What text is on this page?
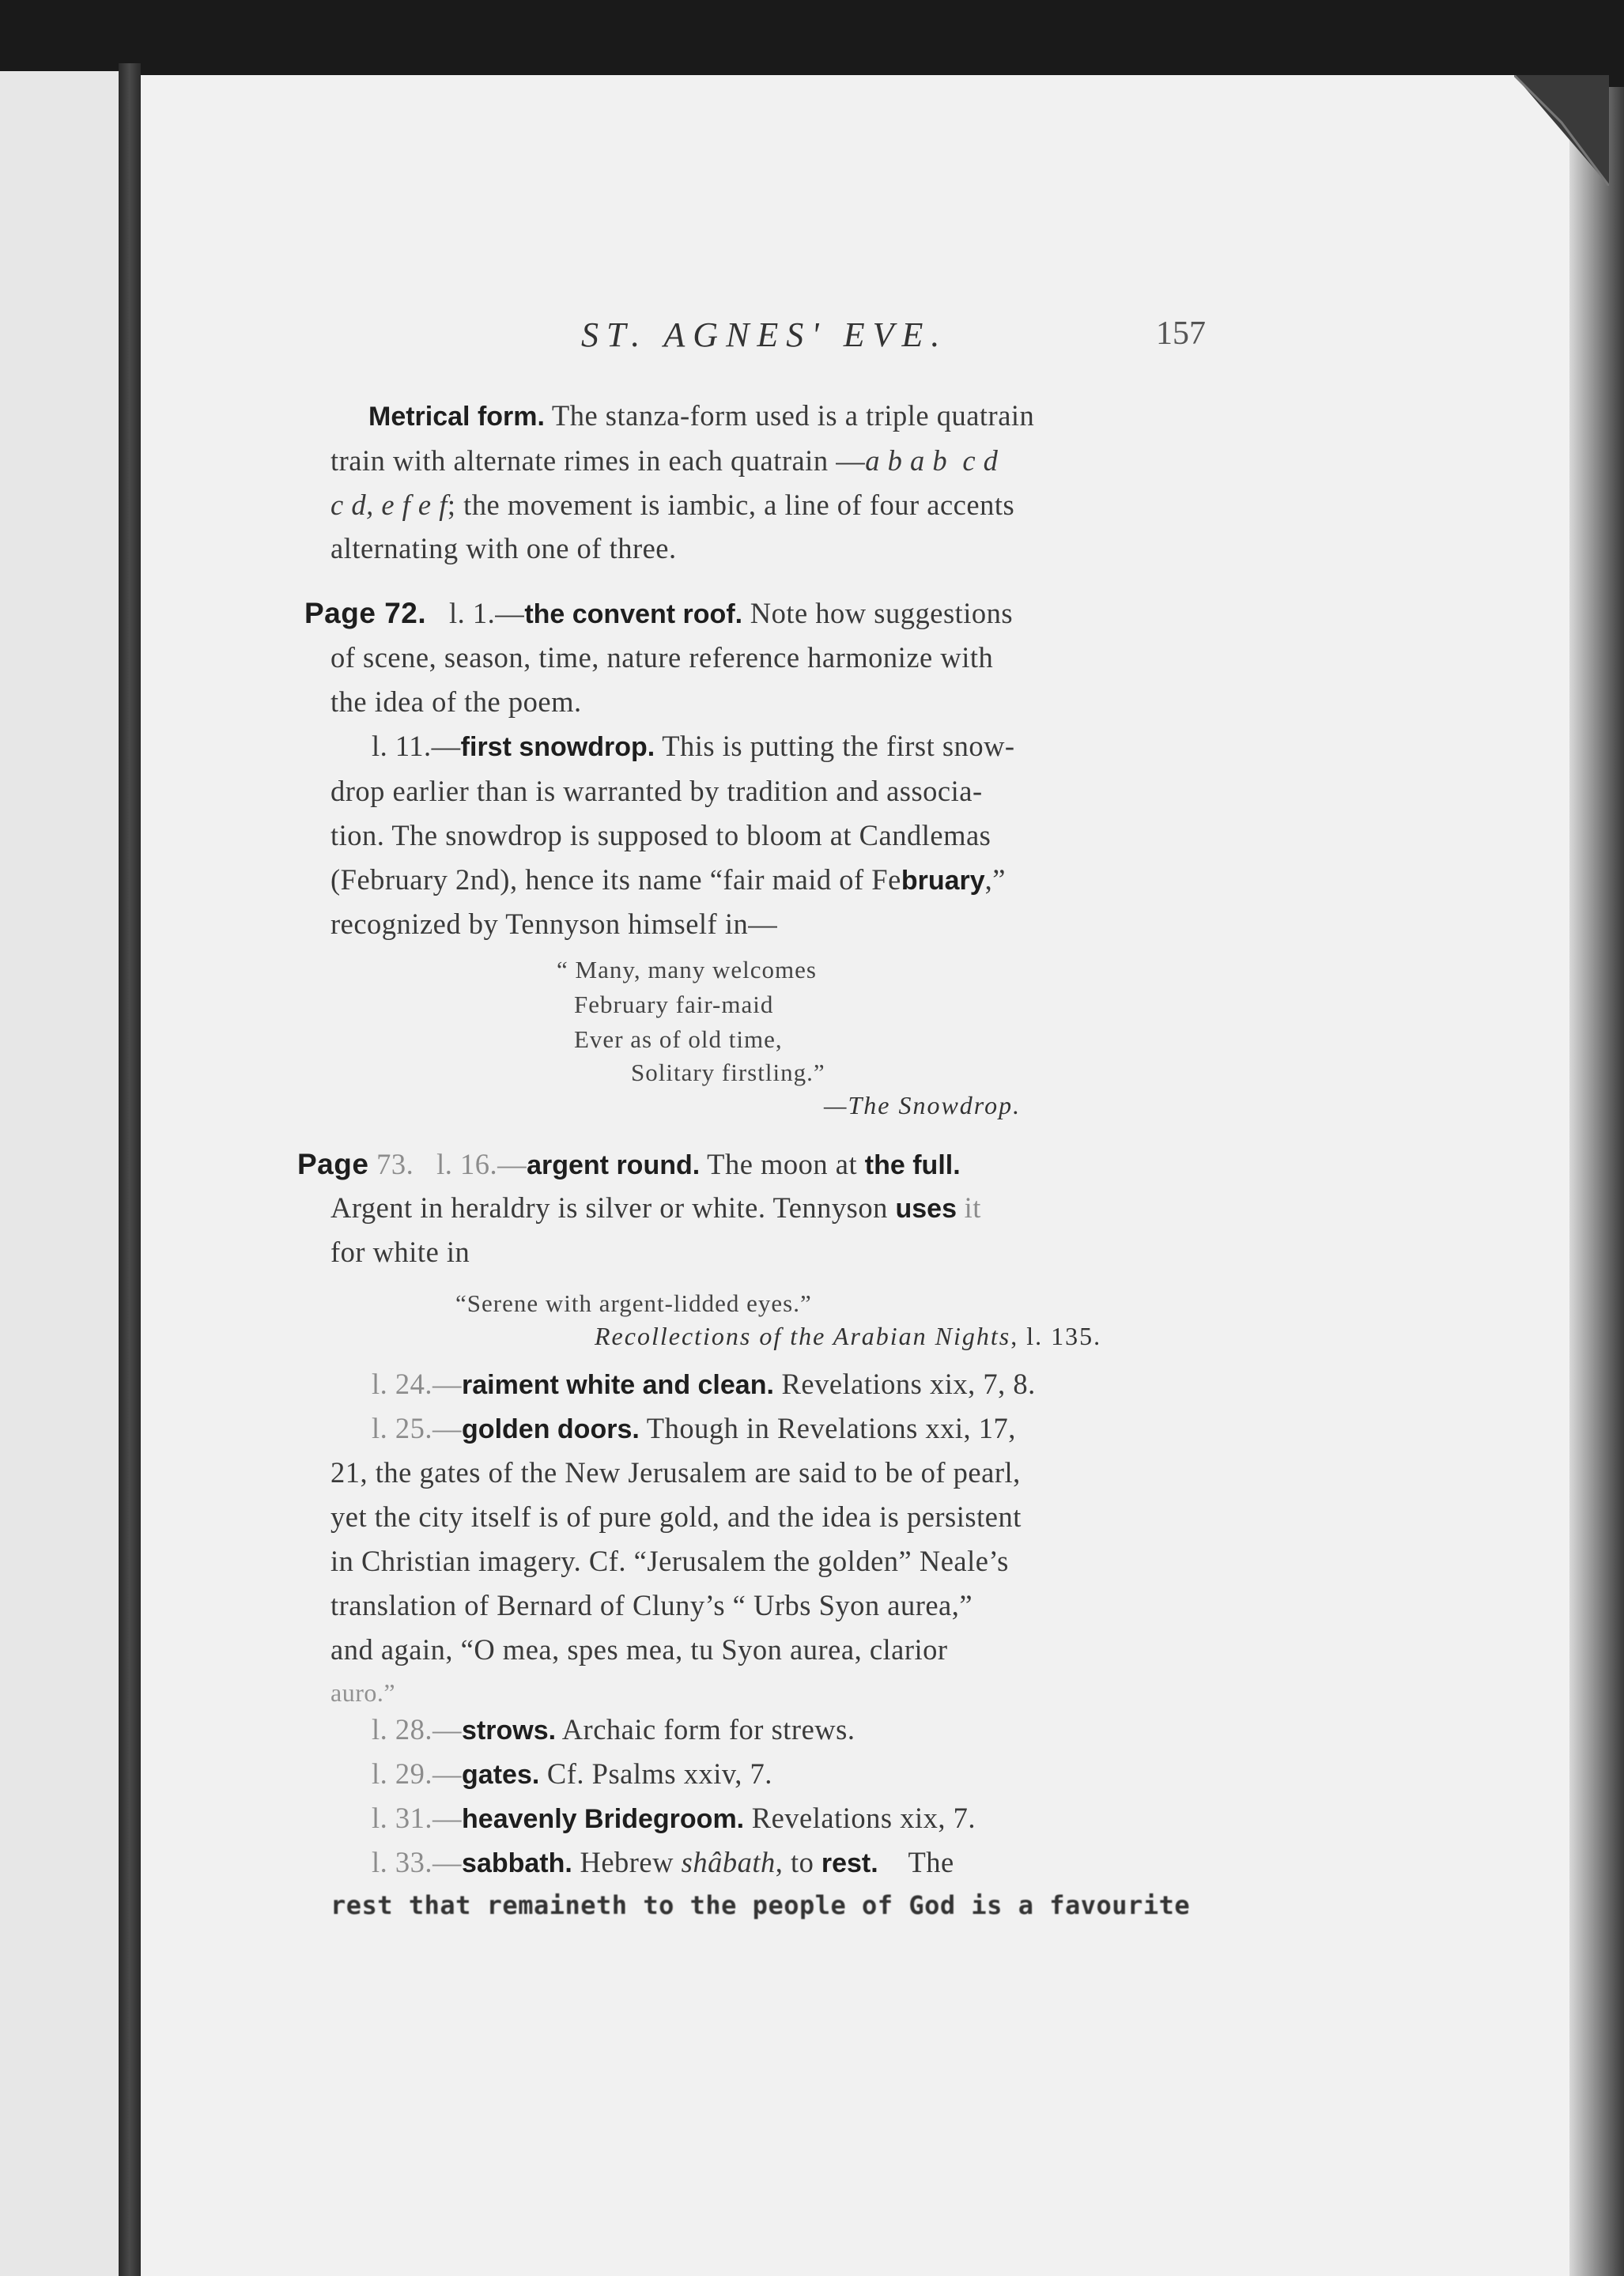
ST. AGNES' EVE.	157
Metrical form. The stanza-form used is a triple quatrain
train with alternate rimes in each quatrain —a b a b c d
c d, e f e f; the movement is iambic, a line of four accents
alternating with one of three.
Page 72. l. 1.—the convent roof. Note how suggestions
of scene, season, time, nature reference harmonize with
the idea of the poem.
l. 11.—first snowdrop. This is putting the first snow-
drop earlier than is warranted by tradition and associa-
tion. The snowdrop is supposed to bloom at Candlemas
(February 2nd), hence its name “fair maid of February,”
recognized by Tennyson himself in—
“ Many, many welcomes
February fair-maid
Ever as of old time,
Solitary firstling.”
—The Snowdrop.
Page 73. l. 16.—argent round. The moon at the full.
Argent in heraldry is silver or white. Tennyson uses it
for white in
“Serene with argent-lidded eyes.”
Recollections of the Arabian Nights, l. 135.
l. 24.—raiment white and clean. Revelations xix, 7, 8.
l. 25.—golden doors. Though in Revelations xxi, 17,
21, the gates of the New Jerusalem are said to be of pearl,
yet the city itself is of pure gold, and the idea is persistent
in Christian imagery. Cf. “Jerusalem the golden” Neale’s
translation of Bernard of Cluny’s “ Urbs Syon aurea,”
and again, “O mea, spes mea, tu Syon aurea, clarior
auro.”
l. 28.—strows. Archaic form for strews.
l. 29.—gates. Cf. Psalms xxiv, 7.
l. 31.—heavenly Bridegroom. Revelations xix, 7.
l. 33.—sabbath. Hebrew shâbath, to rest.    The
rest that remaineth to the people of God is a favourite
